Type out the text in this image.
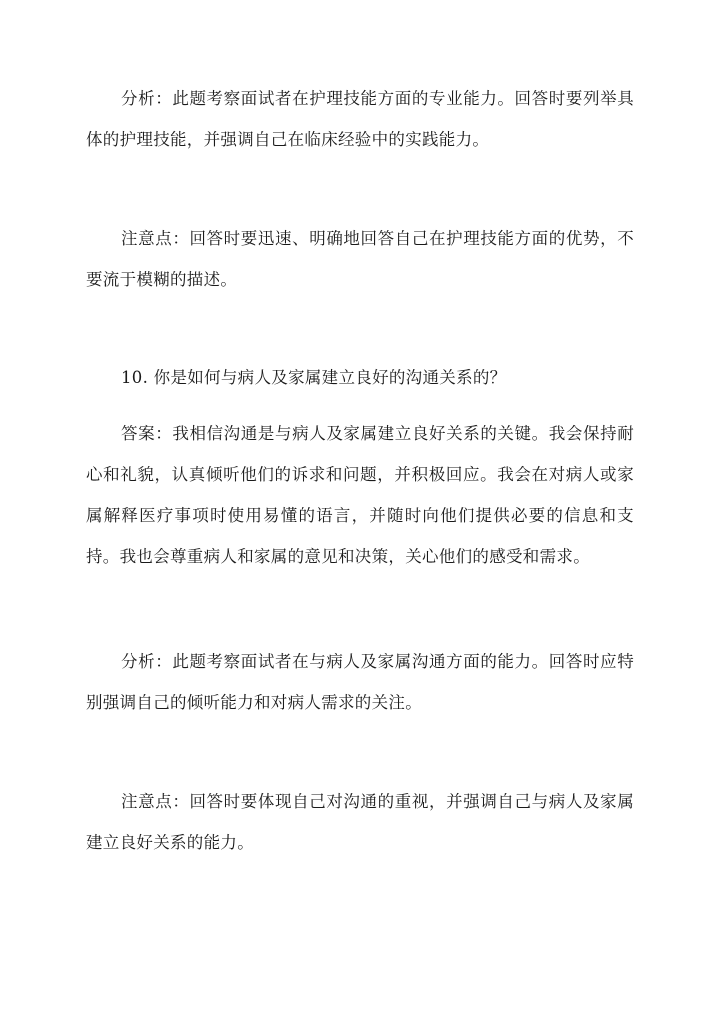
分析：此题考察面试者在护理技能方面的专业能力。回答时要列举具体的护理技能，并强调自己在临床经验中的实践能力。

注意点：回答时要迅速、明确地回答自己在护理技能方面的优势，不要流于模糊的描述。

10. 你是如何与病人及家属建立良好的沟通关系的？

答案：我相信沟通是与病人及家属建立良好关系的关键。我会保持耐心和礼貌，认真倾听他们的诉求和问题，并积极回应。我会在对病人或家属解释医疗事项时使用易懂的语言，并随时向他们提供必要的信息和支持。我也会尊重病人和家属的意见和决策，关心他们的感受和需求。

分析：此题考察面试者在与病人及家属沟通方面的能力。回答时应特别强调自己的倾听能力和对病人需求的关注。

注意点：回答时要体现自己对沟通的重视，并强调自己与病人及家属建立良好关系的能力。
